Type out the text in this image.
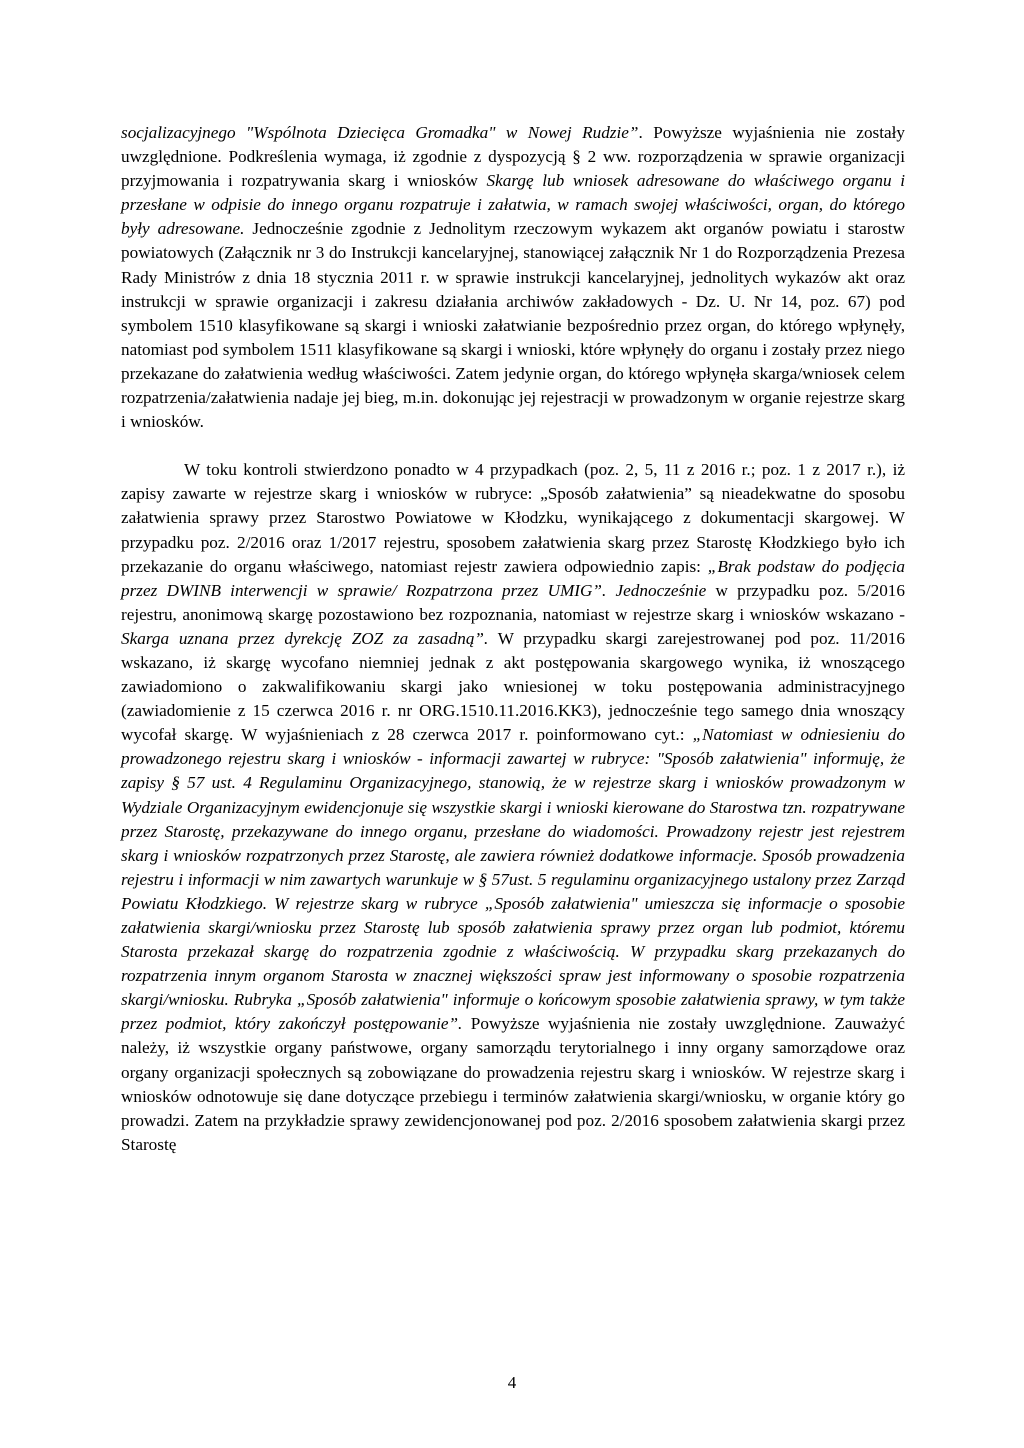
socjalizacyjnego "Wspólnota Dziecięca Gromadka" w Nowej Rudzie”. Powyższe wyjaśnienia nie zostały uwzględnione. Podkreślenia wymaga, iż zgodnie z dyspozycją § 2 ww. rozporządzenia w sprawie organizacji przyjmowania i rozpatrywania skarg i wniosków Skargę lub wniosek adresowane do właściwego organu i przesłane w odpisie do innego organu rozpatruje i załatwia, w ramach swojej właściwości, organ, do którego były adresowane. Jednocześnie zgodnie z Jednolitym rzeczowym wykazem akt organów powiatu i starostw powiatowych (Załącznik nr 3 do Instrukcji kancelaryjnej, stanowiącej załącznik Nr 1 do Rozporządzenia Prezesa Rady Ministrów z dnia 18 stycznia 2011 r. w sprawie instrukcji kancelaryjnej, jednolitych wykazów akt oraz instrukcji w sprawie organizacji i zakresu działania archiwów zakładowych - Dz. U. Nr 14, poz. 67) pod symbolem 1510 klasyfikowane są skargi i wnioski załatwianie bezpośrednio przez organ, do którego wpłynęły, natomiast pod symbolem 1511 klasyfikowane są skargi i wnioski, które wpłynęły do organu i zostały przez niego przekazane do załatwienia według właściwości. Zatem jedynie organ, do którego wpłynęła skarga/wniosek celem rozpatrzenia/załatwienia nadaje jej bieg, m.in. dokonując jej rejestracji w prowadzonym w organie rejestrze skarg i wniosków.

W toku kontroli stwierdzono ponadto w 4 przypadkach (poz. 2, 5, 11 z 2016 r.; poz. 1 z 2017 r.), iż zapisy zawarte w rejestrze skarg i wniosków w rubryce: „Sposób załatwienia” są nieadekwatne do sposobu załatwienia sprawy przez Starostwo Powiatowe w Kłodzku, wynikającego z dokumentacji skargowej. W przypadku poz. 2/2016 oraz 1/2017 rejestru, sposobem załatwienia skarg przez Starostę Kłodzkiego było ich przekazanie do organu właściwego, natomiast rejestr zawiera odpowiednio zapis: „Brak podstaw do podjęcia przez DWINB interwencji w sprawie/ Rozpatrzona przez UMIG”. Jednocześnie w przypadku poz. 5/2016 rejestru, anonimową skargę pozostawiono bez rozpoznania, natomiast w rejestrze skarg i wniosków wskazano - Skarga uznana przez dyrekcję ZOZ za zasadną”. W przypadku skargi zarejestrowanej pod poz. 11/2016 wskazano, iż skargę wycofano niemniej jednak z akt postępowania skargowego wynika, iż wnoszącego zawiadomiono o zakwalifikowaniu skargi jako wniesionej w toku postępowania administracyjnego (zawiadomienie z 15 czerwca 2016 r. nr ORG.1510.11.2016.KK3), jednocześnie tego samego dnia wnoszący wycofał skargę. W wyjaśnieniach z 28 czerwca 2017 r. poinformowano cyt.: „Natomiast w odniesieniu do prowadzonego rejestru skarg i wniosków - informacji zawartej w rubryce: "Sposób załatwienia" informuję, że zapisy § 57 ust. 4 Regulaminu Organizacyjnego, stanowią, że w rejestrze skarg i wniosków prowadzonym w Wydziale Organizacyjnym ewidencjonuje się wszystkie skargi i wnioski kierowane do Starostwa tzn. rozpatrywane przez Starostę, przekazywane do innego organu, przesłane do wiadomości. Prowadzony rejestr jest rejestrem skarg i wniosków rozpatrzonych przez Starostę, ale zawiera również dodatkowe informacje. Sposób prowadzenia rejestru i informacji w nim zawartych warunkuje w § 57ust. 5 regulaminu organizacyjnego ustalony przez Zarząd Powiatu Kłodzkiego. W rejestrze skarg w rubryce „Sposób załatwienia" umieszcza się informacje o sposobie załatwienia skargi/wniosku przez Starostę lub sposób załatwienia sprawy przez organ lub podmiot, któremu Starosta przekazał skargę do rozpatrzenia zgodnie z właściwością. W przypadku skarg przekazanych do rozpatrzenia innym organom Starosta w znacznej większości spraw jest informowany o sposobie rozpatrzenia skargi/wniosku. Rubryka „Sposób załatwienia" informuje o końcowym sposobie załatwienia sprawy, w tym także przez podmiot, który zakończył postępowanie”. Powyższe wyjaśnienia nie zostały uwzględnione. Zauważyć należy, iż wszystkie organy państwowe, organy samorządu terytorialnego i inny organy samorządowe oraz organy organizacji społecznych są zobowiązane do prowadzenia rejestru skarg i wniosków. W rejestrze skarg i wniosków odnotowuje się dane dotyczące przebiegu i terminów załatwienia skargi/wniosku, w organie który go prowadzi. Zatem na przykładzie sprawy zewidencjonowanej pod poz. 2/2016 sposobem załatwienia skargi przez Starostę

4
